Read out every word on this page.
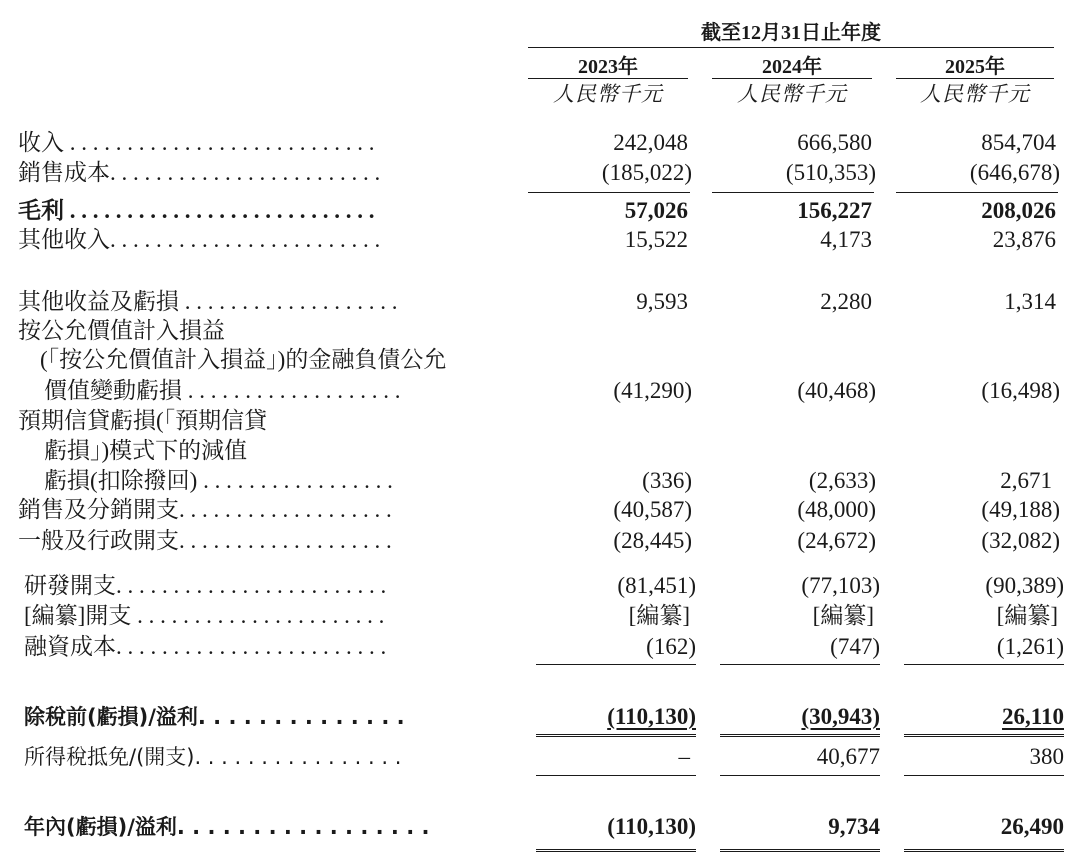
截至12月31日止年度
2023年	2024年	2025年
人民幣千元	人民幣千元	人民幣千元
收入 . . . . . . . . . . . . . . . . . . . . . . . . . . .	242,048	666,580	854,704
銷售成本. . . . . . . . . . . . . . . . . . . . . . . .	(185,022)	(510,353)	(646,678)
毛利 . . . . . . . . . . . . . . . . . . . . . . . . . . .	57,026	156,227	208,026
其他收入. . . . . . . . . . . . . . . . . . . . . . . .	15,522	4,173	23,876
其他收益及虧損 . . . . . . . . . . . . . . . . . . .	9,593	2,280	1,314
按公允價值計入損益
(「按公允價值計入損益」)的金融負債公允
價值變動虧損 . . . . . . . . . . . . . . . . . . .	(41,290)	(40,468)	(16,498)
預期信貸虧損(「預期信貸
虧損」)模式下的減值
虧損(扣除撥回) . . . . . . . . . . . . . . . . .	(336)	(2,633)	2,671
銷售及分銷開支. . . . . . . . . . . . . . . . . . .	(40,587)	(48,000)	(49,188)
一般及行政開支. . . . . . . . . . . . . . . . . . .	(28,445)	(24,672)	(32,082)
研發開支. . . . . . . . . . . . . . . . . . . . . . . .	(81,451)	(77,103)	(90,389)
[編纂]開支 . . . . . . . . . . . . . . . . . . . . . .	[編纂]	[編纂]	[編纂]
融資成本. . . . . . . . . . . . . . . . . . . . . . . .	(162)	(747)	(1,261)
除稅前(虧損)/溢利. . . . . . . . . . . . . .	(110,130)	(30,943)	26,110
所得稅抵免/(開支). . . . . . . . . . . . . . . .	–	40,677	380
年內(虧損)/溢利. . . . . . . . . . . . . . . . .	(110,130)	9,734	26,490
